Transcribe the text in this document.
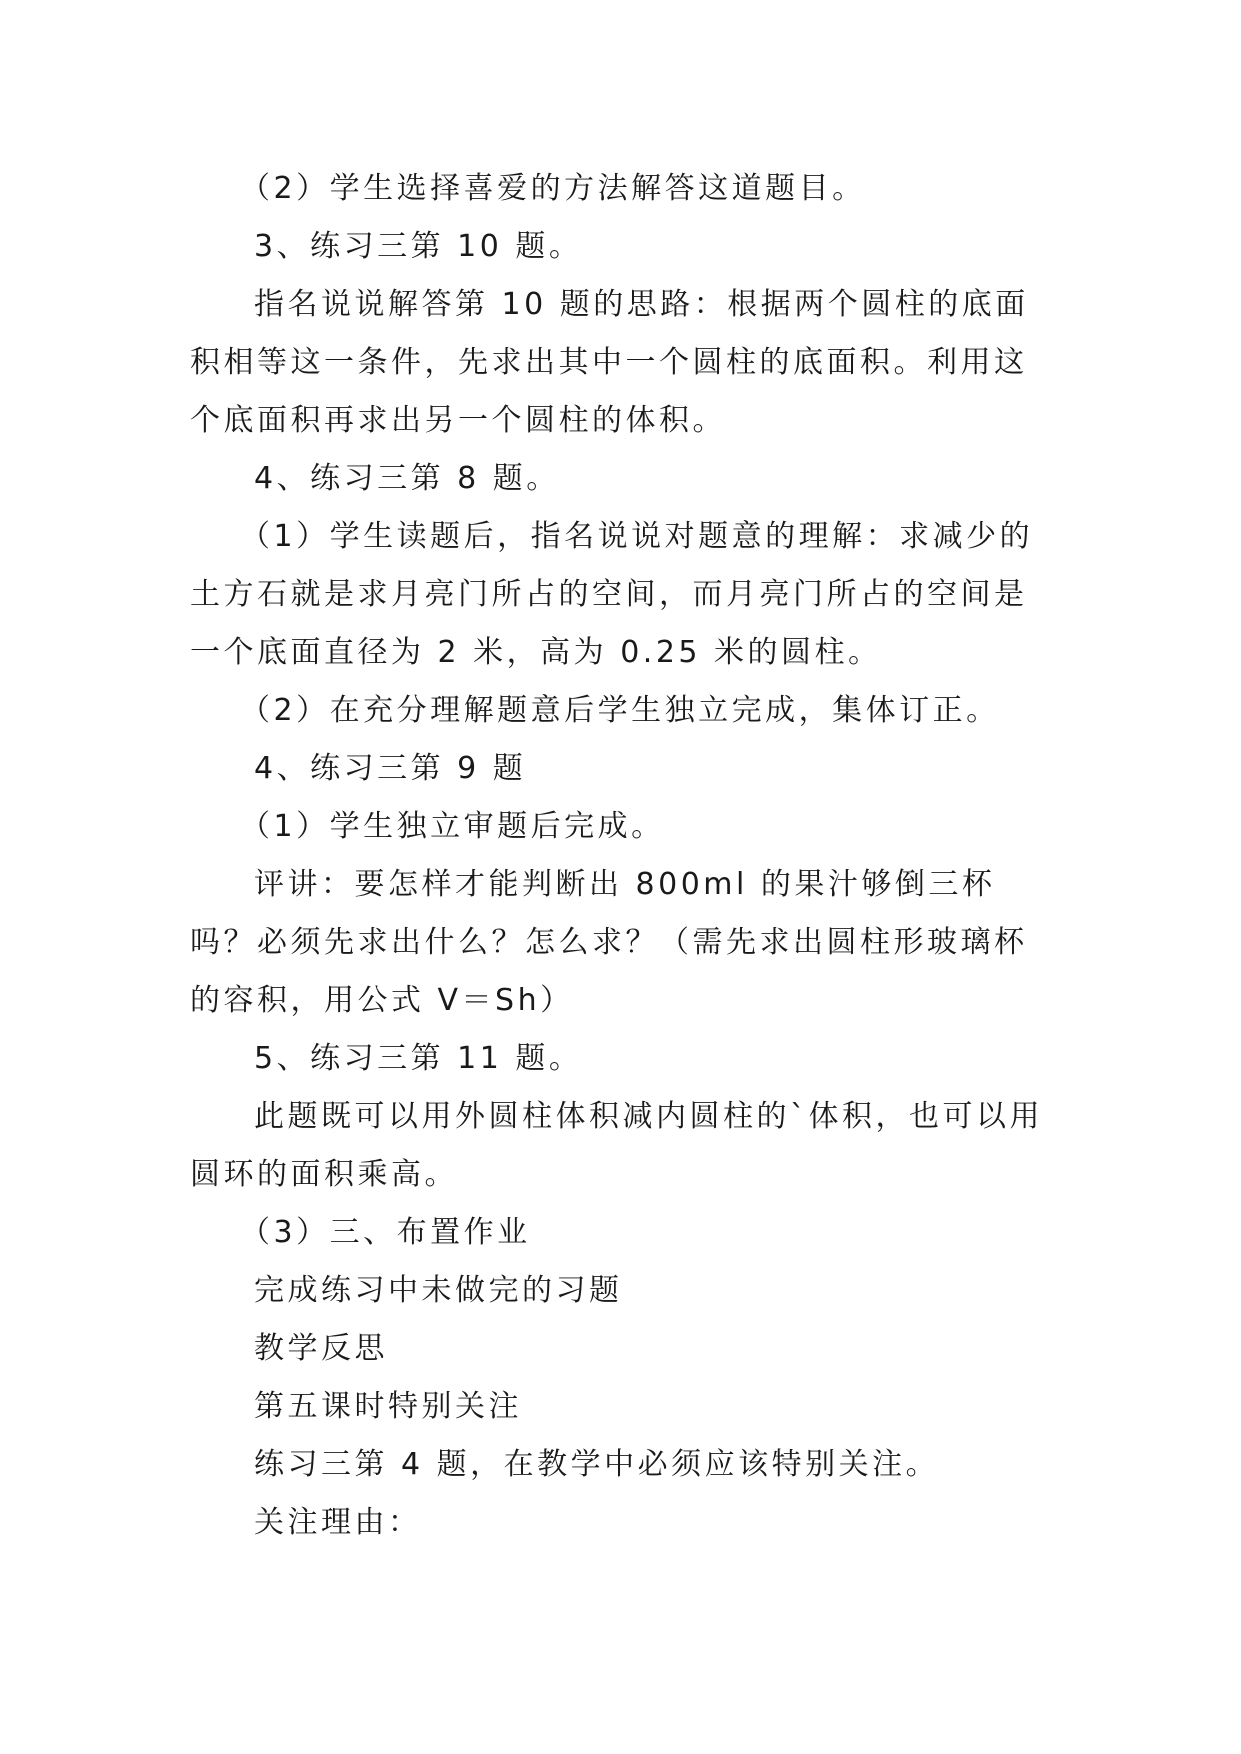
（2）学生选择喜爱的方法解答这道题目。

3、练习三第 10 题。

指名说说解答第 10 题的思路：根据两个圆柱的底面积相等这一条件，先求出其中一个圆柱的底面积。利用这个底面积再求出另一个圆柱的体积。

4、练习三第 8 题。

（1）学生读题后，指名说说对题意的理解：求减少的土方石就是求月亮门所占的空间，而月亮门所占的空间是一个底面直径为 2 米，高为 0.25 米的圆柱。

（2）在充分理解题意后学生独立完成，集体订正。

4、练习三第 9 题

（1）学生独立审题后完成。

评讲：要怎样才能判断出 800ml 的果汁够倒三杯吗？必须先求出什么？怎么求？（需先求出圆柱形玻璃杯的容积，用公式 V＝Sh）

5、练习三第 11 题。

此题既可以用外圆柱体积减内圆柱的`体积，也可以用圆环的面积乘高。

（3）三、布置作业

完成练习中未做完的习题

教学反思

第五课时特别关注

练习三第 4 题，在教学中必须应该特别关注。

关注理由：
